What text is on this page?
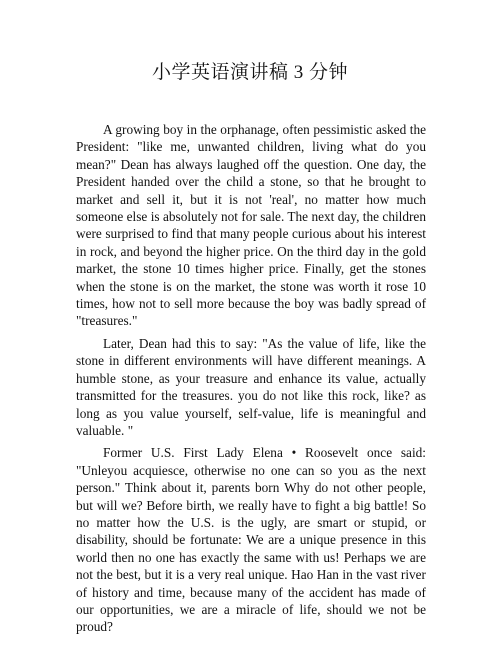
小学英语演讲稿 3 分钟

A growing boy in the orphanage, often pessimistic asked the President: "like me, unwanted children, living what do you mean?" Dean has always laughed off the question. One day, the President handed over the child a stone, so that he brought to market and sell it, but it is not 'real', no matter how much someone else is absolutely not for sale. The next day, the children were surprised to find that many people curious about his interest in rock, and beyond the higher price. On the third day in the gold market, the stone 10 times higher price. Finally, get the stones when the stone is on the market, the stone was worth it rose 10 times, how not to sell more because the boy was badly spread of "treasures."

Later, Dean had this to say: "As the value of life, like the stone in different environments will have different meanings. A humble stone, as your treasure and enhance its value, actually transmitted for the treasures. you do not like this rock, like? as long as you value yourself, self-value, life is meaningful and valuable. "

Former U.S. First Lady Elena • Roosevelt once said: "Unleyou acquiesce, otherwise no one can so you as the next person." Think about it, parents born Why do not other people, but will we? Before birth, we really have to fight a big battle! So no matter how the U.S. is the ugly, are smart or stupid, or disability, should be fortunate: We are a unique presence in this world then no one has exactly the same with us! Perhaps we are not the best, but it is a very real unique. Hao Han in the vast river of history and time, because many of the accident has made of our opportunities, we are a miracle of life, should we not be proud?
